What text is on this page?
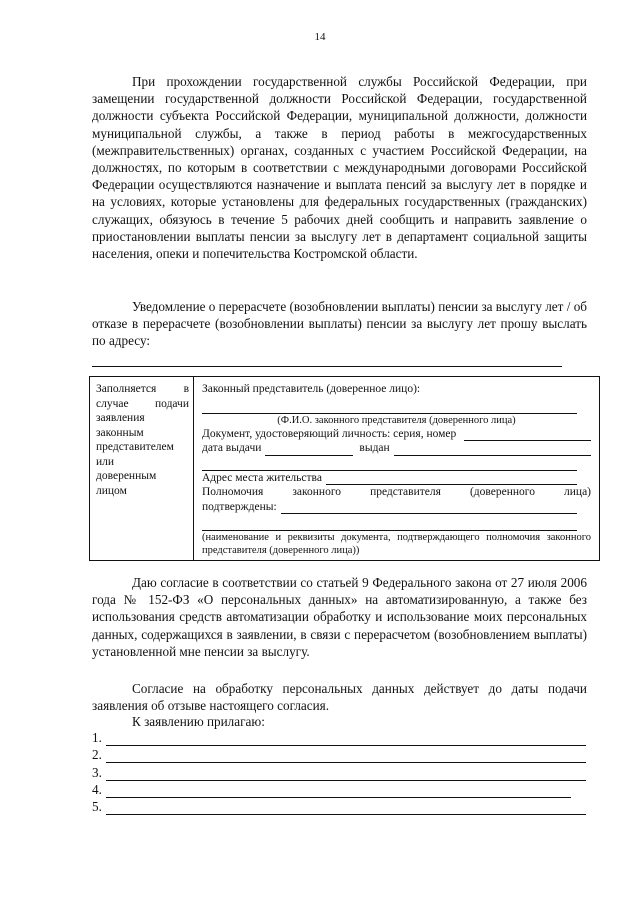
14
При прохождении государственной службы Российской Федерации, при замещении государственной должности Российской Федерации, государственной должности субъекта Российской Федерации, муниципальной должности, должности муниципальной службы, а также в период работы в межгосударственных (межправительственных) органах, созданных с участием Российской Федерации, на должностях, по которым в соответствии с международными договорами Российской Федерации осуществляются назначение и выплата пенсий за выслугу лет в порядке и на условиях, которые установлены для федеральных государственных (гражданских) служащих, обязуюсь в течение 5 рабочих дней сообщить и направить заявление о приостановлении выплаты пенсии за выслугу лет в департамент социальной защиты населения, опеки и попечительства Костромской области.
Уведомление о перерасчете (возобновлении выплаты) пенсии за выслугу лет / об отказе в перерасчете (возобновлении выплаты) пенсии за выслугу лет прошу выслать по адресу:
Заполняется в
случае подачи
заявления
законным
представителем
или
доверенным
лицом

Законный представитель (доверенное лицо):
(Ф.И.О. законного представителя (доверенного лица)
Документ, удостоверяющий личность: серия, номер
дата выдачи	выдан
Адрес места жительства
Полномочия	законного	представителя	(доверенного	лица)
подтверждены:
(наименование и реквизиты документа, подтверждающего полномочия законного представителя (доверенного лица))
Даю согласие в соответствии со статьей 9 Федерального закона от 27 июля 2006 года № 152-ФЗ «О персональных данных» на автоматизированную, а также без использования средств автоматизации обработку и использование моих персональных данных, содержащихся в заявлении, в связи с перерасчетом (возобновлением выплаты) установленной мне пенсии за выслугу.
Согласие на обработку персональных данных действует до даты подачи заявления об отзыве настоящего согласия.
К заявлению прилагаю:
1.
2.
3.
4.
5.
